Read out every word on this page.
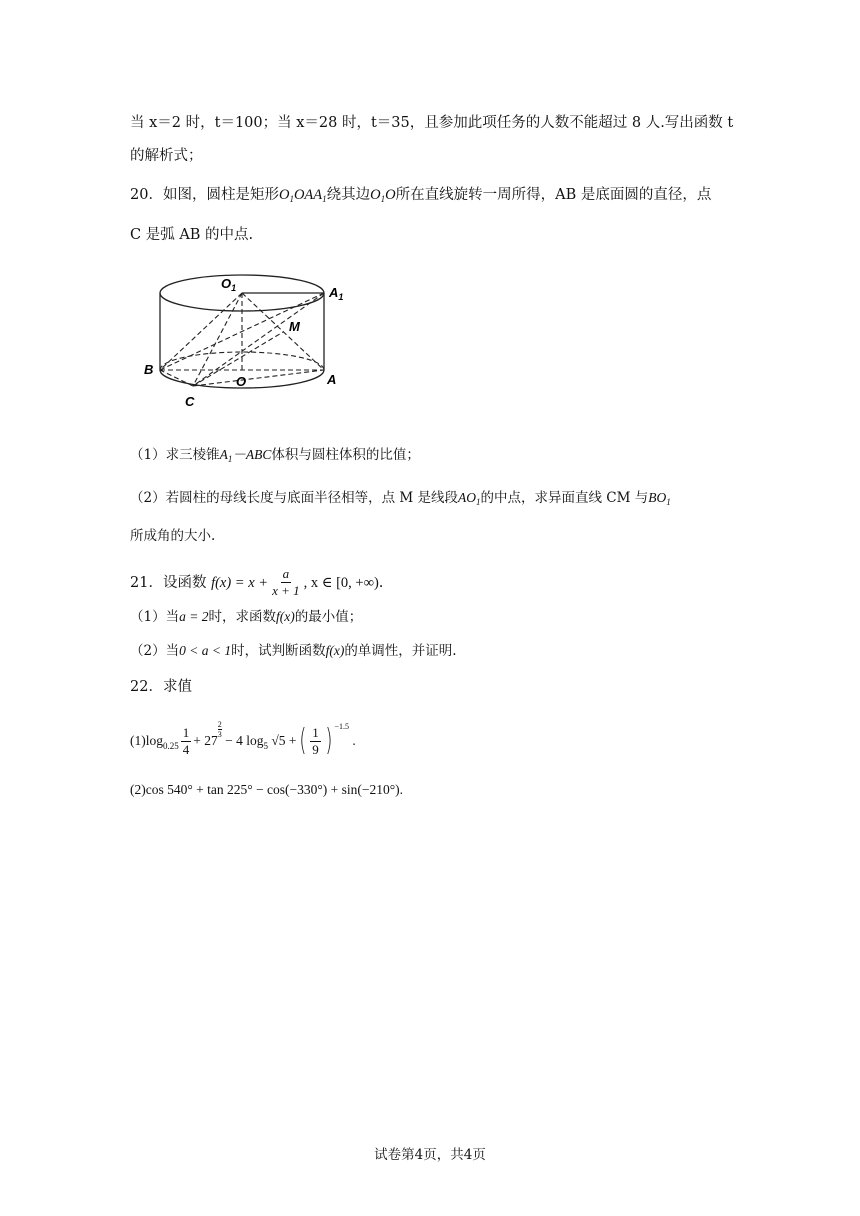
当 x＝2 时，t＝100；当 x＝28 时，t＝35，且参加此项任务的人数不能超过 8 人.写出函数 t
的解析式；
20．如图，圆柱是矩形$O_1OAA_1$绕其边$O_1O$所在直线旋转一周所得，AB 是底面圆的直径，点
C 是弧 AB 的中点.
$O_1$	$A_1$
M
B
O	A
C
（1）求三棱锥$A_1-ABC$体积与圆柱体积的比值；
（2）若圆柱的母线长度与底面半径相等，点 M 是线段$AO_1$的中点，求异面直线 CM 与$BO_1$
所成角的大小.
21． 设函数
$f(x) = x + \frac{a}{x + 1}$ , x ∈ [0, +∞) .
（1）当a = 2时，求函数f(x)的最小值；
（2）当0 < a < 1时，试判断函数f(x)的单调性，并证明.
22．求值
(1) $\log 0.25 \frac{1}{4} + 27$
2
3
− 4 log 5
√5 + ( $\frac{1}{9}$ ) −1.5

.
(2)cos 540° + tan 225° − cos(−330°) + sin(−210°).
试卷第4页，共4页
